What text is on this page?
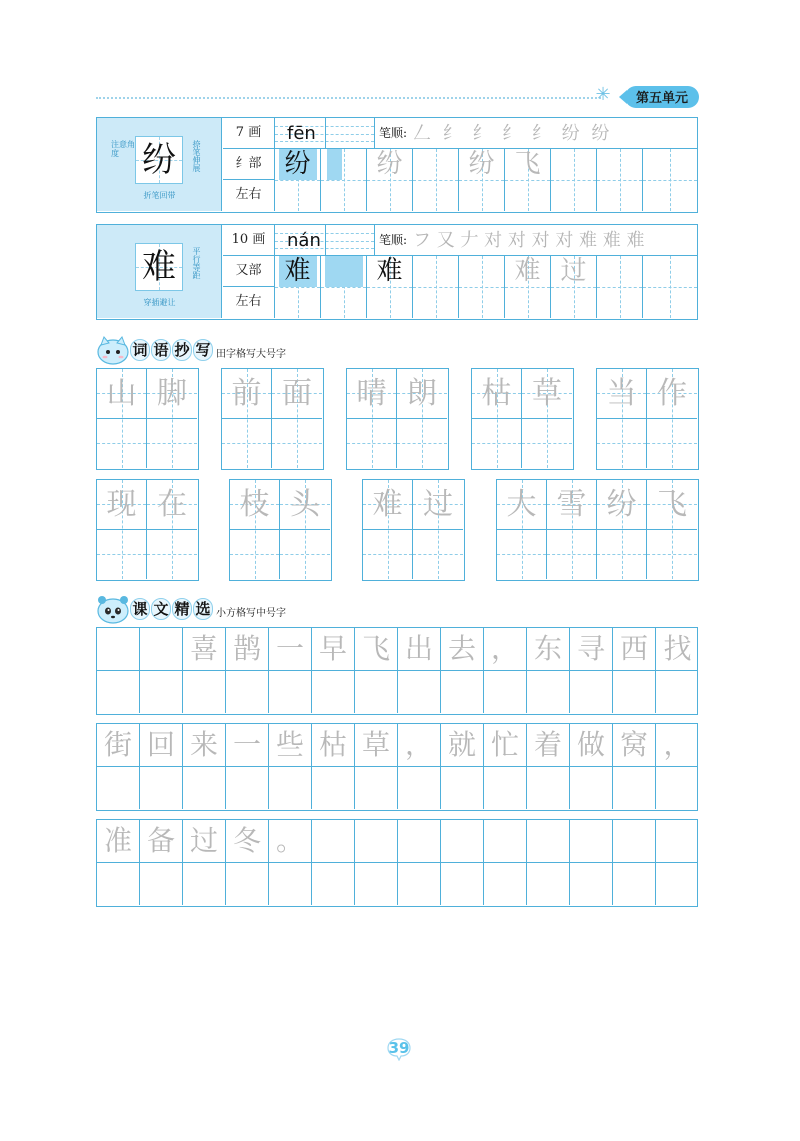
✳	第五单元
注意角度 纷	捺笔伸展
折笔回带
7 画
纟部
左右
fēn	笔顺: 𠃋 纟 纟 纟 纟 纷 纷
纷	纷	纷 飞
难	平行等距
穿插避让
10 画
又部
左右
nán	笔顺: フ 又 𠂇 对 对 对 对 难 难 难
难	难	难 过
词 语 抄 写 田字格写大号字
山 脚	前 面	晴 朗	枯 草	当 作
现 在	枝 头	难 过	大 雪 纷 飞
课 文 精 选 小方格写中号字
喜 鹊 一 早 飞 出 去 ， 东 寻 西 找
街 回 来 一 些 枯 草 ， 就 忙 着 做 窝 ，
准 备 过 冬 。
39
